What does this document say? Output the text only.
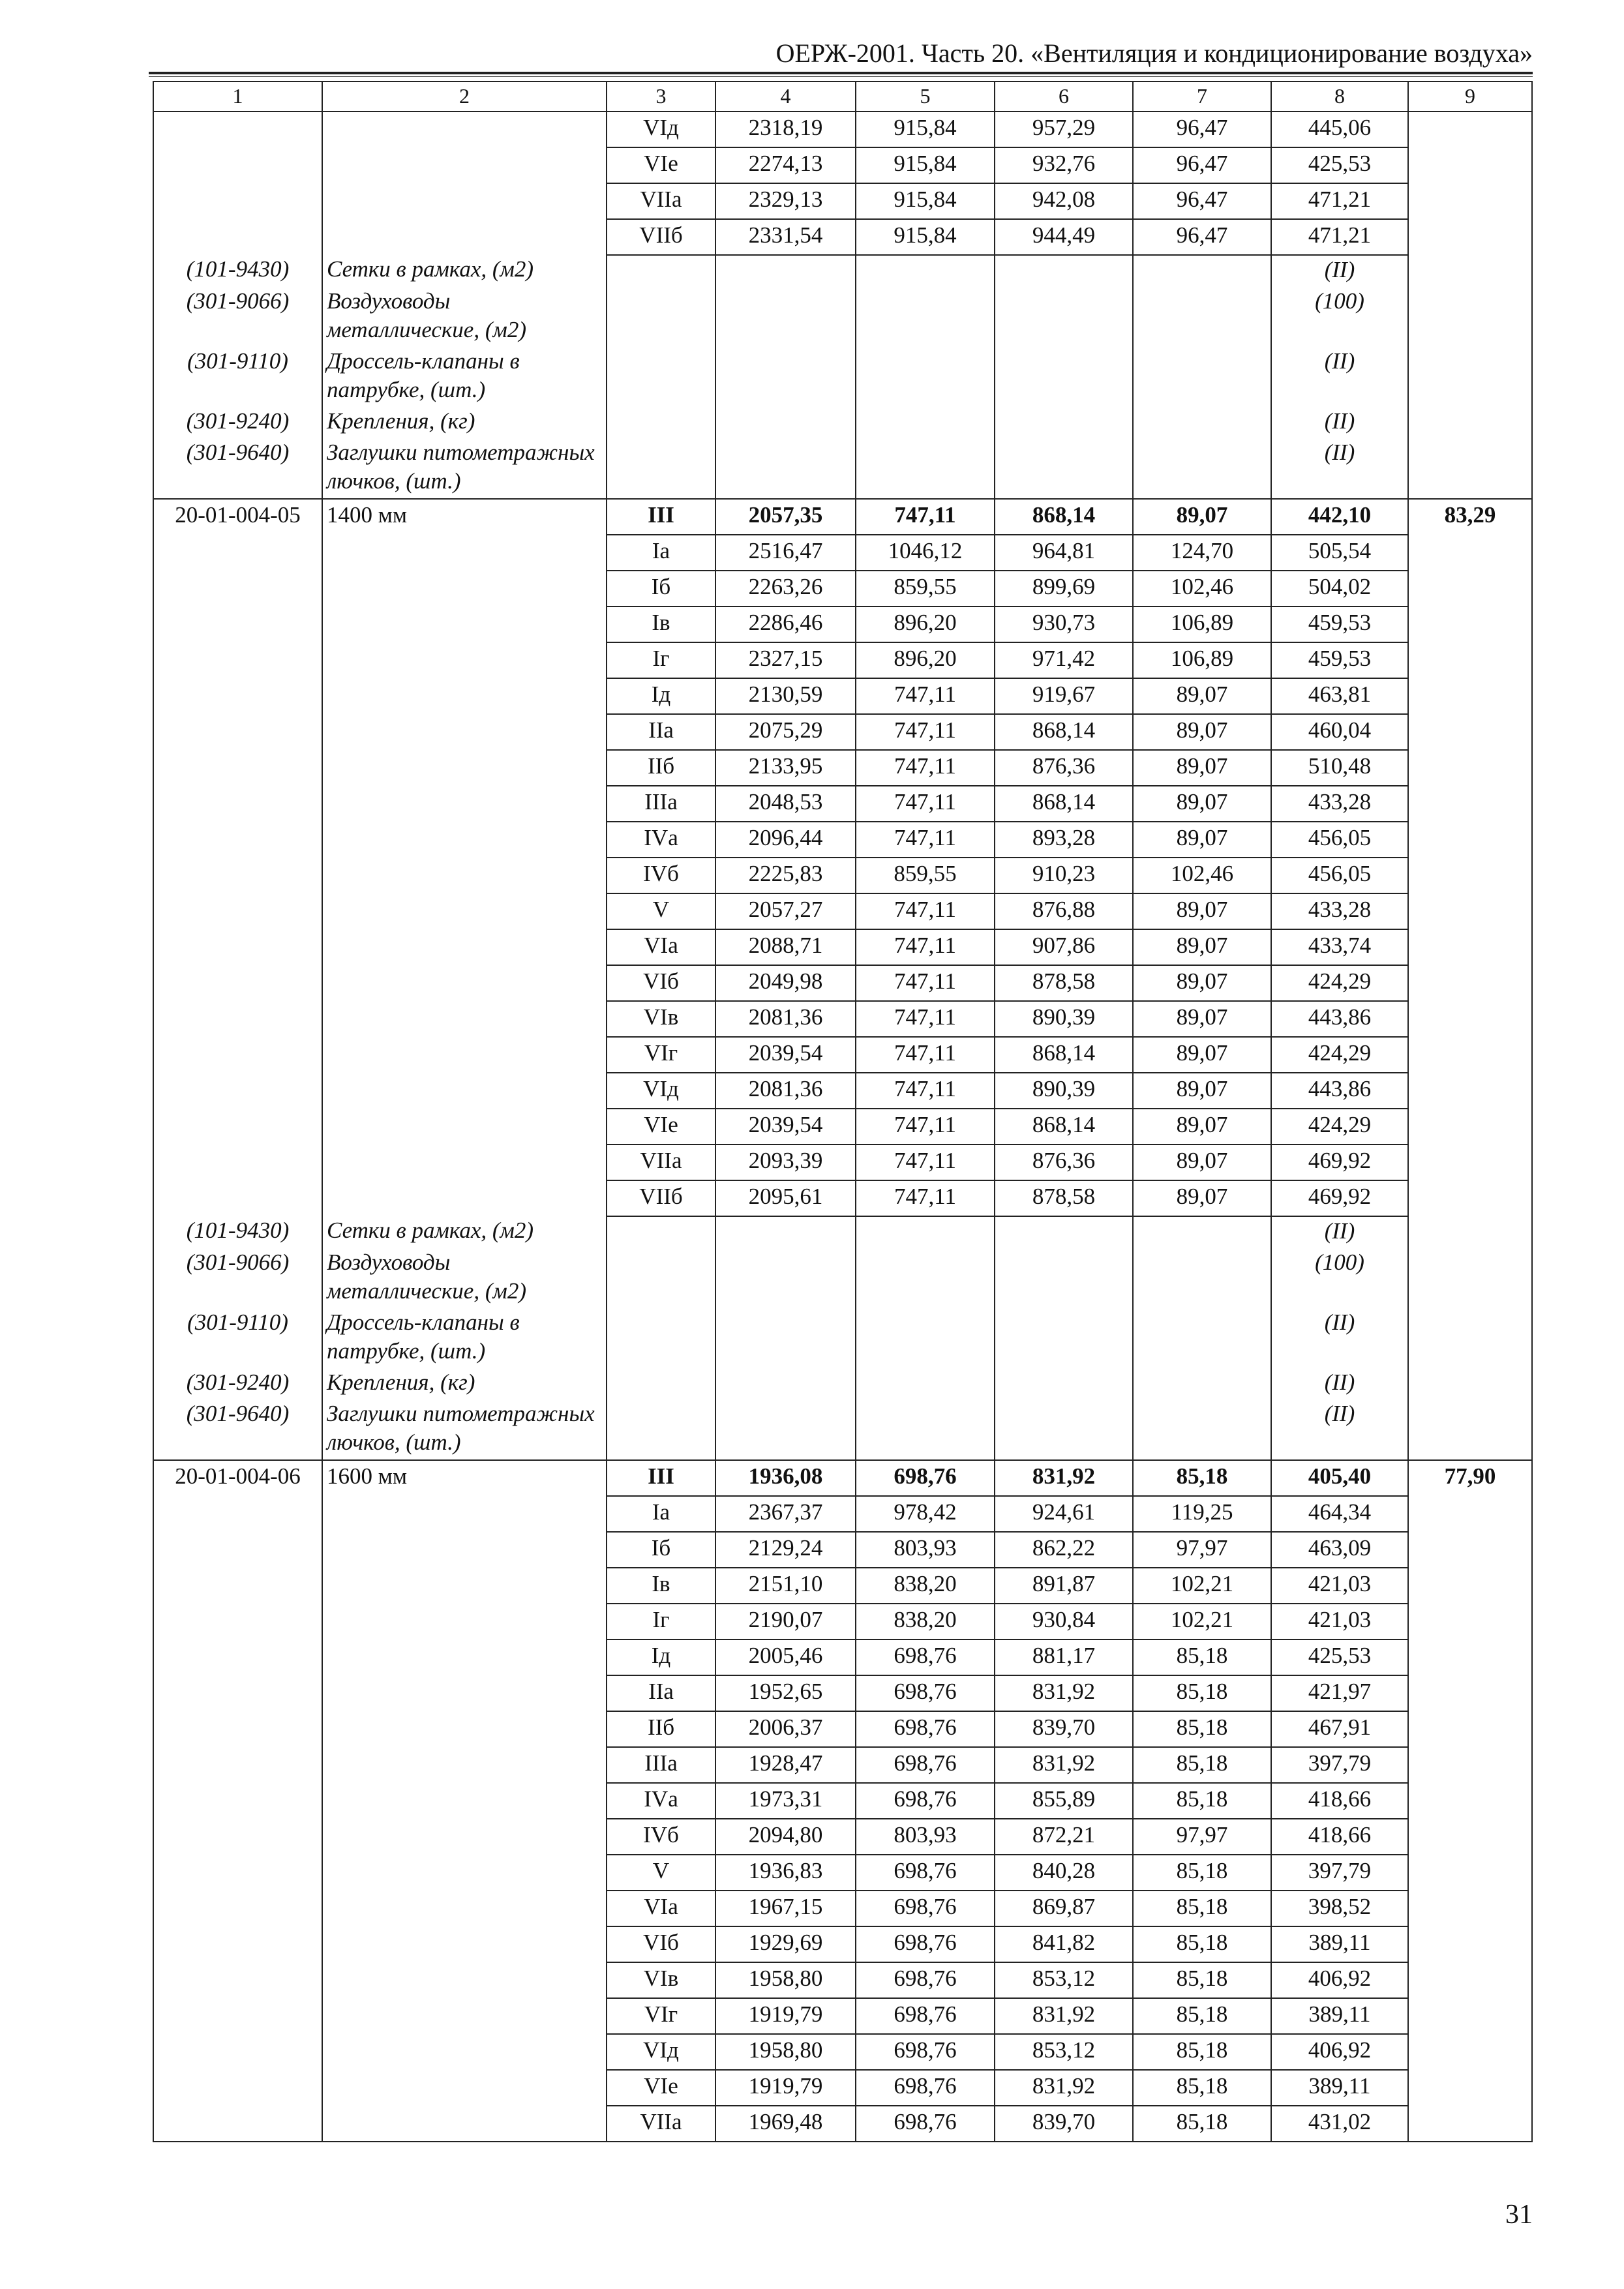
ОЕРЖ-2001. Часть 20. «Вентиляция и кондиционирование воздуха»
1	2	3	4	5	6	7	8	9
		VIд	2318,19	915,84	957,29	96,47	445,06	
		VIе	2274,13	915,84	932,76	96,47	425,53	
		VIIа	2329,13	915,84	942,08	96,47	471,21	
		VIIб	2331,54	915,84	944,49	96,47	471,21	
(101-9430)	Сетки в рамках, (м2)						(II)	
(301-9066)	Воздуховоды металлические, (м2)						(100)	
(301-9110)	Дроссель-клапаны в патрубке, (шт.)						(II)	
(301-9240)	Крепления, (кг)						(II)	
(301-9640)	Заглушки питометражных лючков, (шт.)						(II)	
20-01-004-05	1400 мм	III	2057,35	747,11	868,14	89,07	442,10	83,29
		Iа	2516,47	1046,12	964,81	124,70	505,54	
		Iб	2263,26	859,55	899,69	102,46	504,02	
		Iв	2286,46	896,20	930,73	106,89	459,53	
		Iг	2327,15	896,20	971,42	106,89	459,53	
		Iд	2130,59	747,11	919,67	89,07	463,81	
		IIа	2075,29	747,11	868,14	89,07	460,04	
		IIб	2133,95	747,11	876,36	89,07	510,48	
		IIIа	2048,53	747,11	868,14	89,07	433,28	
		IVа	2096,44	747,11	893,28	89,07	456,05	
		IVб	2225,83	859,55	910,23	102,46	456,05	
		V	2057,27	747,11	876,88	89,07	433,28	
		VIа	2088,71	747,11	907,86	89,07	433,74	
		VIб	2049,98	747,11	878,58	89,07	424,29	
		VIв	2081,36	747,11	890,39	89,07	443,86	
		VIг	2039,54	747,11	868,14	89,07	424,29	
		VIд	2081,36	747,11	890,39	89,07	443,86	
		VIе	2039,54	747,11	868,14	89,07	424,29	
		VIIа	2093,39	747,11	876,36	89,07	469,92	
		VIIб	2095,61	747,11	878,58	89,07	469,92	
(101-9430)	Сетки в рамках, (м2)						(II)	
(301-9066)	Воздуховоды металлические, (м2)						(100)	
(301-9110)	Дроссель-клапаны в патрубке, (шт.)						(II)	
(301-9240)	Крепления, (кг)						(II)	
(301-9640)	Заглушки питометражных лючков, (шт.)						(II)	
20-01-004-06	1600 мм	III	1936,08	698,76	831,92	85,18	405,40	77,90
		Iа	2367,37	978,42	924,61	119,25	464,34	
		Iб	2129,24	803,93	862,22	97,97	463,09	
		Iв	2151,10	838,20	891,87	102,21	421,03	
		Iг	2190,07	838,20	930,84	102,21	421,03	
		Iд	2005,46	698,76	881,17	85,18	425,53	
		IIа	1952,65	698,76	831,92	85,18	421,97	
		IIб	2006,37	698,76	839,70	85,18	467,91	
		IIIа	1928,47	698,76	831,92	85,18	397,79	
		IVа	1973,31	698,76	855,89	85,18	418,66	
		IVб	2094,80	803,93	872,21	97,97	418,66	
		V	1936,83	698,76	840,28	85,18	397,79	
		VIа	1967,15	698,76	869,87	85,18	398,52	
		VIб	1929,69	698,76	841,82	85,18	389,11	
		VIв	1958,80	698,76	853,12	85,18	406,92	
		VIг	1919,79	698,76	831,92	85,18	389,11	
		VIд	1958,80	698,76	853,12	85,18	406,92	
		VIе	1919,79	698,76	831,92	85,18	389,11	
		VIIа	1969,48	698,76	839,70	85,18	431,02	
31
